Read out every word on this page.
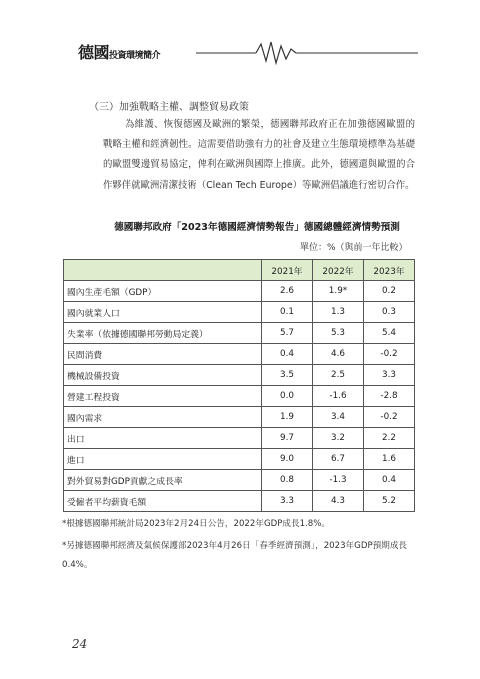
德國投資環境簡介
（三）加強戰略主權、調整貿易政策
為維護、恢復德國及歐洲的繁榮，德國聯邦政府正在加強德國歐盟的戰略主權和經濟韌性。這需要借助強有力的社會及建立生態環境標準為基礎的歐盟雙邊貿易協定，俾利在歐洲與國際上推廣。此外，德國還與歐盟的合作夥伴就歐洲清潔技術（Clean Tech Europe）等歐洲倡議進行密切合作。
德國聯邦政府「2023年德國經濟情勢報告」德國總體經濟情勢預測
單位：%（與前一年比較）
	2021年	2022年	2023年
國內生產毛額（GDP）	2.6	1.9*	0.2
國內就業人口	0.1	1.3	0.3
失業率（依據德國聯邦勞動局定義）	5.7	5.3	5.4
民間消費	0.4	4.6	-0.2
機械設備投資	3.5	2.5	3.3
營建工程投資	0.0	-1.6	-2.8
國內需求	1.9	3.4	-0.2
出口	9.7	3.2	2.2
進口	9.0	6.7	1.6
對外貿易對GDP貢獻之成長率	0.8	-1.3	0.4
受僱者平均薪資毛額	3.3	4.3	5.2
*根據德國聯邦統計局2023年2月24日公告，2022年GDP成長1.8%。
*另據德國聯邦經濟及氣候保護部2023年4月26日「春季經濟預測」，2023年GDP預期成長0.4%。
24
